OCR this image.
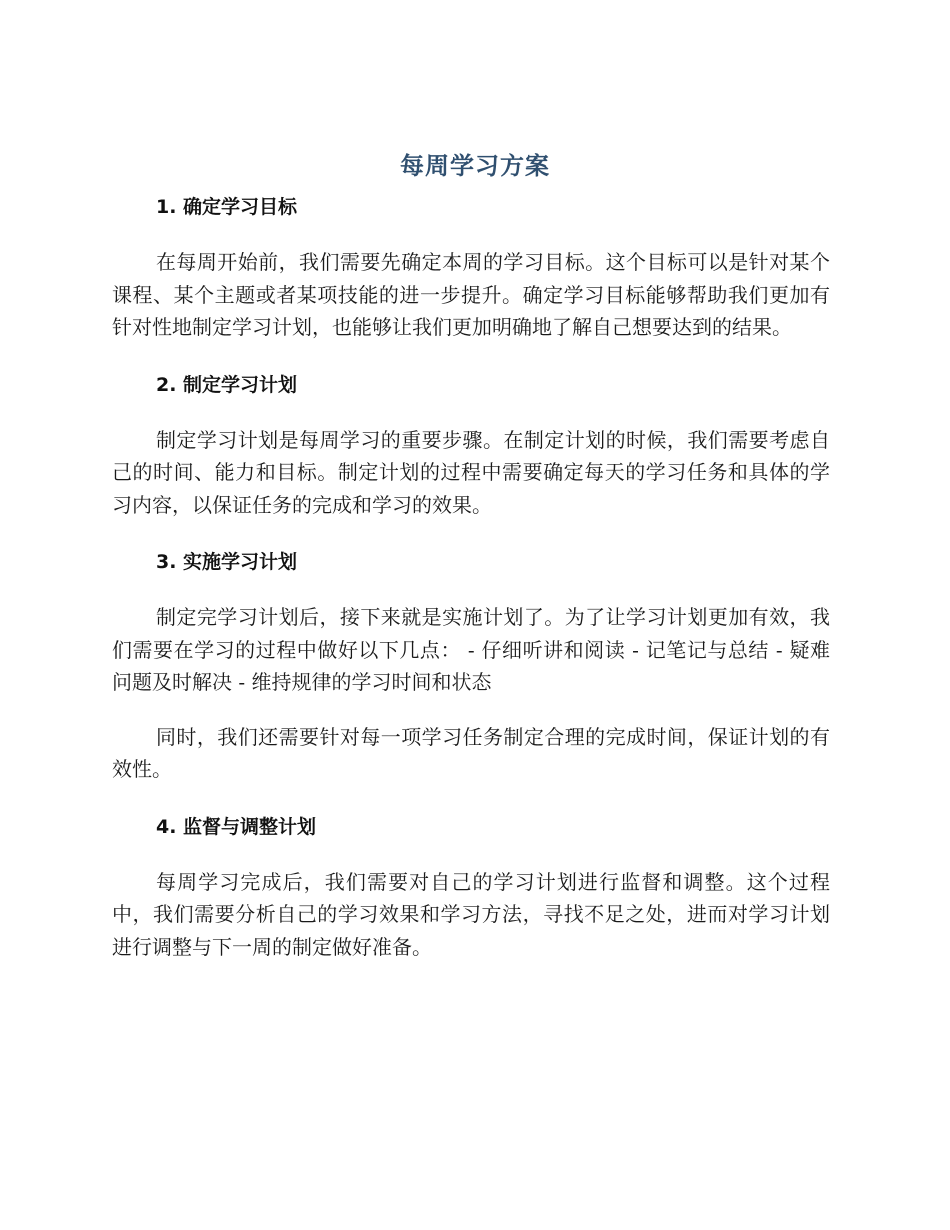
每周学习方案
1. 确定学习目标

在每周开始前，我们需要先确定本周的学习目标。这个目标可以是针对某个课程、某个主题或者某项技能的进一步提升。确定学习目标能够帮助我们更加有针对性地制定学习计划，也能够让我们更加明确地了解自己想要达到的结果。

2. 制定学习计划

制定学习计划是每周学习的重要步骤。在制定计划的时候，我们需要考虑自己的时间、能力和目标。制定计划的过程中需要确定每天的学习任务和具体的学习内容，以保证任务的完成和学习的效果。

3. 实施学习计划

制定完学习计划后，接下来就是实施计划了。为了让学习计划更加有效，我们需要在学习的过程中做好以下几点： - 仔细听讲和阅读 - 记笔记与总结 - 疑难问题及时解决 - 维持规律的学习时间和状态

同时，我们还需要针对每一项学习任务制定合理的完成时间，保证计划的有效性。

4. 监督与调整计划

每周学习完成后，我们需要对自己的学习计划进行监督和调整。这个过程中，我们需要分析自己的学习效果和学习方法，寻找不足之处，进而对学习计划进行调整与下一周的制定做好准备。
